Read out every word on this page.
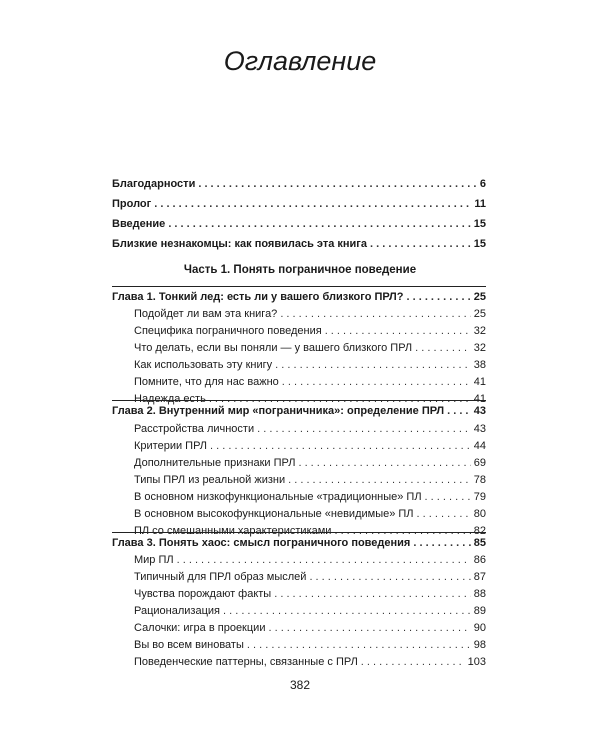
Оглавление
Благодарности . . .	6
Пролог . . .	11
Введение . . .	15
Близкие незнакомцы: как появилась эта книга . . .	15
Часть 1. Понять пограничное поведение
Глава 1. Тонкий лед: есть ли у вашего близкого ПРЛ? . . .	25
Подойдет ли вам эта книга? . . .	25
Специфика пограничного поведения . . .	32
Что делать, если вы поняли — у вашего близкого ПРЛ . . .	32
Как использовать эту книгу . . .	38
Помните, что для нас важно . . .	41
Надежда есть . . .	41
Глава 2. Внутренний мир «пограничника»: определение ПРЛ . . .	43
Расстройства личности . . .	43
Критерии ПРЛ . . .	44
Дополнительные признаки ПРЛ . . .	69
Типы ПРЛ из реальной жизни . . .	78
В основном низкофункциональные «традиционные» ПЛ . . .	79
В основном высокофункциональные «невидимые» ПЛ . . .	80
ПЛ со смешанными характеристиками . . .	82
Глава 3. Понять хаос: смысл пограничного поведения . . .	85
Мир ПЛ . . .	86
Типичный для ПРЛ образ мыслей . . .	87
Чувства порождают факты . . .	88
Рационализация . . .	89
Салочки: игра в проекции . . .	90
Вы во всем виноваты . . .	98
Поведенческие паттерны, связанные с ПРЛ . . .	103
382
